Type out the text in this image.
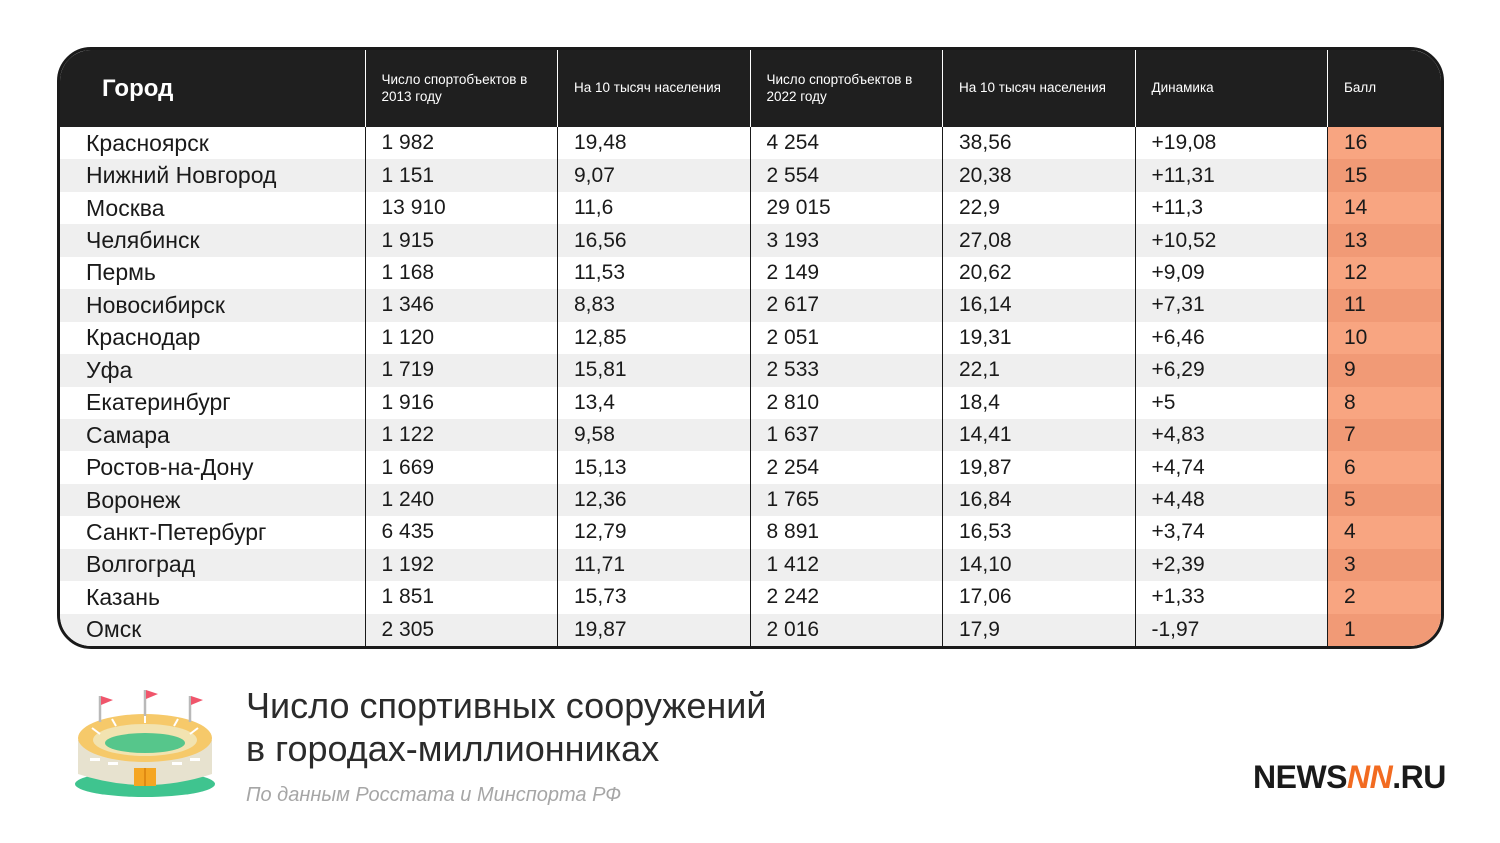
Город	Число спортобъектов в 2013 году	На 10 тысяч населения	Число спортобъектов в 2022 году	На 10 тысяч населения	Динамика	Балл
Красноярск	1 982	19,48	4 254	38,56	+19,08	16
Нижний Новгород	1 151	9,07	2 554	20,38	+11,31	15
Москва	13 910	11,6	29 015	22,9	+11,3	14
Челябинск	1 915	16,56	3 193	27,08	+10,52	13
Пермь	1 168	11,53	2 149	20,62	+9,09	12
Новосибирск	1 346	8,83	2 617	16,14	+7,31	11
Краснодар	1 120	12,85	2 051	19,31	+6,46	10
Уфа	1 719	15,81	2 533	22,1	+6,29	9
Екатеринбург	1 916	13,4	2 810	18,4	+5	8
Самара	1 122	9,58	1 637	14,41	+4,83	7
Ростов-на-Дону	1 669	15,13	2 254	19,87	+4,74	6
Воронеж	1 240	12,36	1 765	16,84	+4,48	5
Санкт-Петербург	6 435	12,79	8 891	16,53	+3,74	4
Волгоград	1 192	11,71	1 412	14,10	+2,39	3
Казань	1 851	15,73	2 242	17,06	+1,33	2
Омск	2 305	19,87	2 016	17,9	-1,97	1
Число спортивных сооружений
в городах-миллионниках
По данным Росстата и Минспорта РФ	NEWSNN.RU
